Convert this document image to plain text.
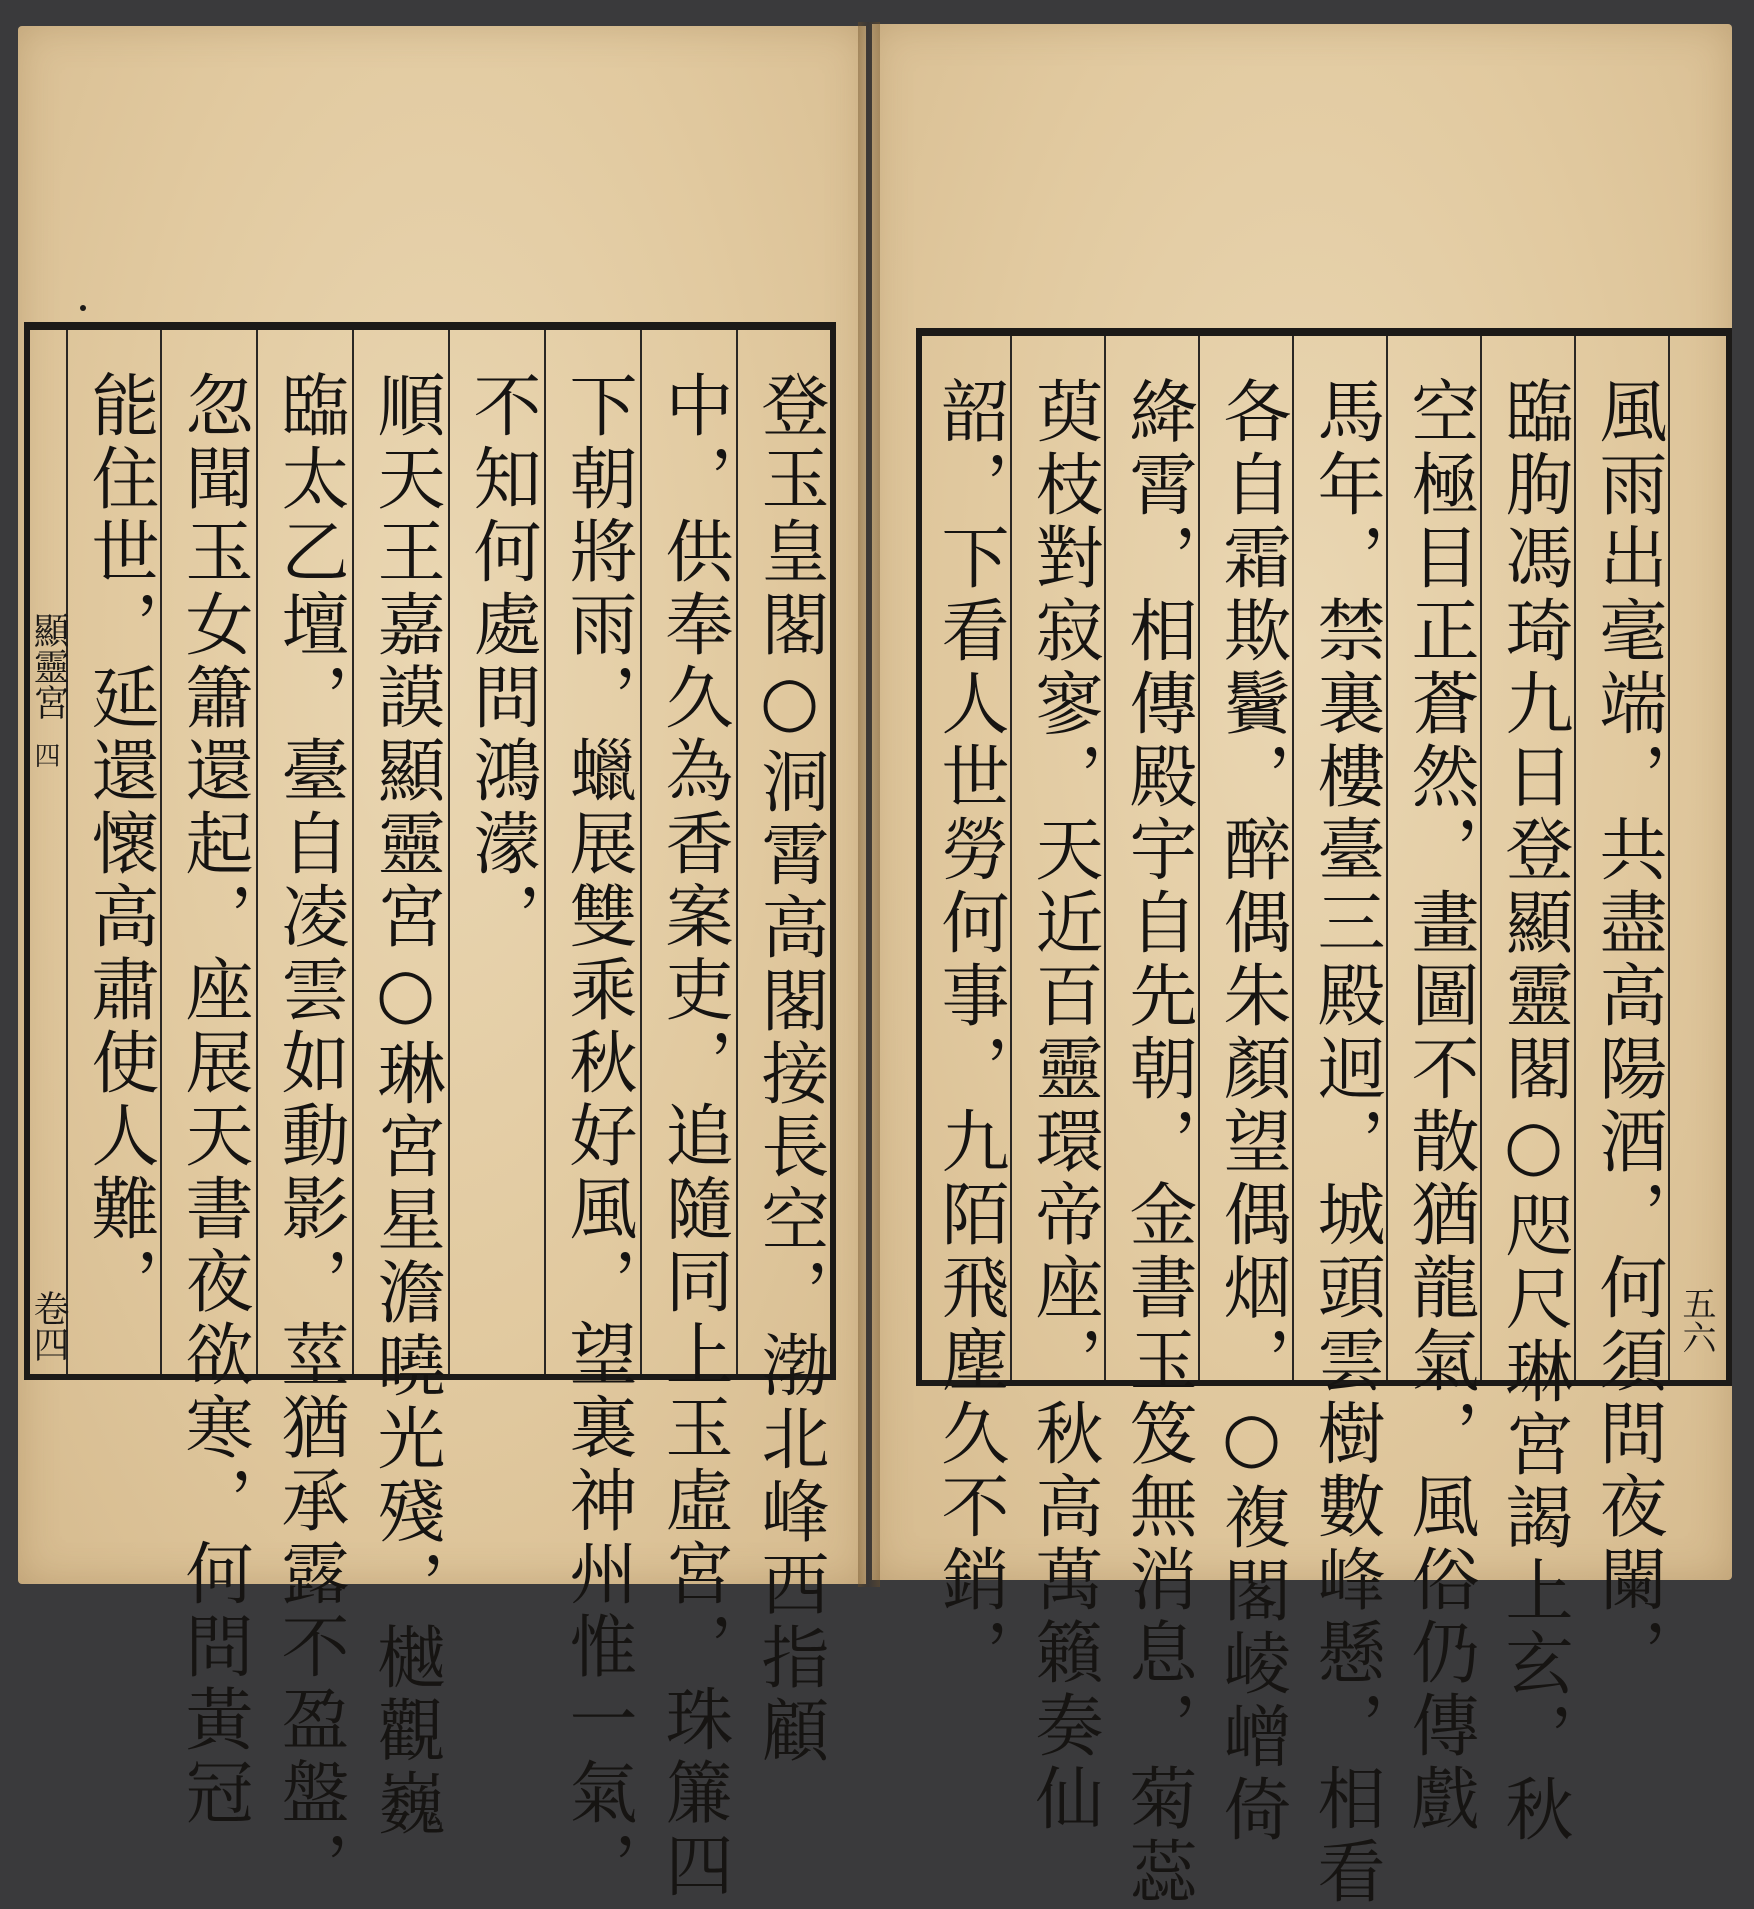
風雨出毫端，共盡高陽酒，何須問夜闌，
臨朐馮琦九日登顯靈閣○咫尺琳宮謁上玄，秋
空極目正蒼然，畫圖不散猶龍氣，風俗仍傳戲
馬年，禁裏樓臺三殿迥，城頭雲樹數峰懸，相看
各自霜欺鬢，醉偶朱顏望偶烟，○複閣崚嶒倚
絳霄，相傳殿宇自先朝，金書玉笈無消息，菊蕊
萸枝對寂寥，天近百靈環帝座，秋高萬籟奏仙
韶，下看人世勞何事，九陌飛塵久不銷，	五六
登玉皇閣○洞霄高閣接長空，渤北峰西指顧
中，供奉久為香案吏，追隨同上玉虛宮，珠簾四
下朝將雨，蠟展雙乘秋好風，望裏神州惟一氣，
不知何處問鴻濛，
順天王嘉謨顯靈宮○琳宮星澹曉光殘，樾觀巍
臨太乙壇，臺自凌雲如動影，莖猶承露不盈盤，
忽聞玉女簫還起，座展天書夜欲寒，何問黃冠
能住世，延還懷高肅使人難，
顯靈宮
四
卷四
